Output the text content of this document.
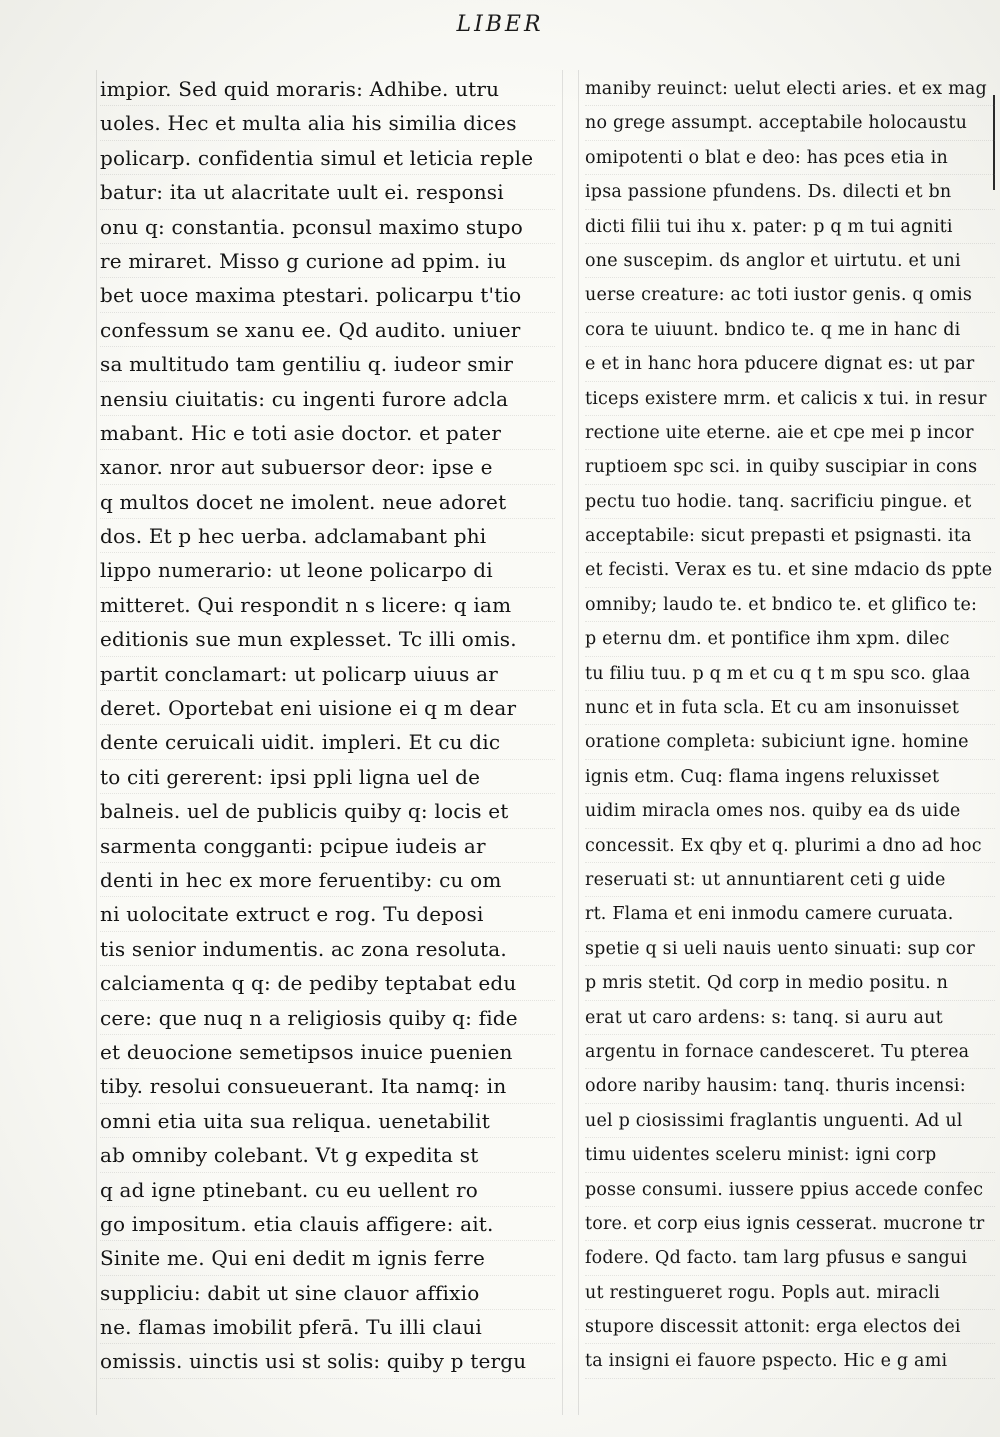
LIBER
impior. Sed quid moraris: Adhibe. utru
uoles. Hec et multa alia his similia dices
policarp. confidentia simul et leticia reple
batur: ita ut alacritate uult ei. responsi
onu q: constantia. pconsul maximo stupo
re miraret. Misso g curione ad ppim. iu
bet uoce maxima ptestari. policarpu t'tio
confessum se xanu ee. Qd audito. uniuer
sa multitudo tam gentiliu q. iudeor smir
nensiu ciuitatis: cu ingenti furore adcla
mabant. Hic e toti asie doctor. et pater
xanor. nror aut subuersor deor: ipse e
q multos docet ne imolent. neue adoret
dos. Et p hec uerba. adclamabant phi
lippo numerario: ut leone policarpo di
mitteret. Qui respondit n s licere: q iam
editionis sue mun explesset. Tc illi omis.
partit conclamart: ut policarp uiuus ar
deret. Oportebat eni uisione ei q m dear
dente ceruicali uidit. impleri. Et cu dic
to citi gererent: ipsi ppli ligna uel de
balneis. uel de publicis quiby q: locis et
sarmenta congganti: pcipue iudeis ar
denti in hec ex more feruentiby: cu om
ni uolocitate extruct e rog. Tu deposi
tis senior indumentis. ac zona resoluta.
calciamenta q q: de pediby teptabat edu
cere: que nuq n a religiosis quiby q: fide
et deuocione semetipsos inuice puenien
tiby. resolui consueuerant. Ita namq: in
omni etia uita sua reliqua. uenetabilit
ab omniby colebant. Vt g expedita st
q ad igne ptinebant. cu eu uellent ro
go impositum. etia clauis affigere: ait.
Sinite me. Qui eni dedit m ignis ferre
suppliciu: dabit ut sine clauor affixio
ne. flamas imobilit pferā. Tu illi claui
omissis. uinctis usi st solis: quiby p tergu
maniby reuinct: uelut electi aries. et ex mag
no grege assumpt. acceptabile holocaustu
omipotenti o blat e deo: has pces etia in
ipsa passione pfundens. Ds. dilecti et bn
dicti filii tui ihu x. pater: p q m tui agniti
one suscepim. ds anglor et uirtutu. et uni
uerse creature: ac toti iustor genis. q omis
cora te uiuunt. bndico te. q me in hanc di
e et in hanc hora pducere dignat es: ut par
ticeps existere mrm. et calicis x tui. in resur
rectione uite eterne. aie et cpe mei p incor
ruptioem spc sci. in quiby suscipiar in cons
pectu tuo hodie. tanq. sacrificiu pingue. et
acceptabile: sicut prepasti et psignasti. ita
et fecisti. Verax es tu. et sine mdacio ds ppte
omniby; laudo te. et bndico te. et glifico te:
p eternu dm. et pontifice ihm xpm. dilec
tu filiu tuu. p q m et cu q t m spu sco. glaa
nunc et in futa scla. Et cu am insonuisset
oratione completa: subiciunt igne. homine
ignis etm. Cuq: flama ingens reluxisset
uidim miracla omes nos. quiby ea ds uide
concessit. Ex qby et q. plurimi a dno ad hoc
reseruati st: ut annuntiarent ceti g uide
rt. Flama et eni inmodu camere curuata.
spetie q si ueli nauis uento sinuati: sup cor
p mris stetit. Qd corp in medio positu. n
erat ut caro ardens: s: tanq. si auru aut
argentu in fornace candesceret. Tu pterea
odore nariby hausim: tanq. thuris incensi:
uel p ciosissimi fraglantis unguenti. Ad ul
timu uidentes sceleru minist: igni corp
posse consumi. iussere ppius accede confec
tore. et corp eius ignis cesserat. mucrone tr
fodere. Qd facto. tam larg pfusus e sangui
ut restingueret rogu. Popls aut. miracli
stupore discessit attonit: erga electos dei
ta insigni ei fauore pspecto. Hic e g ami
